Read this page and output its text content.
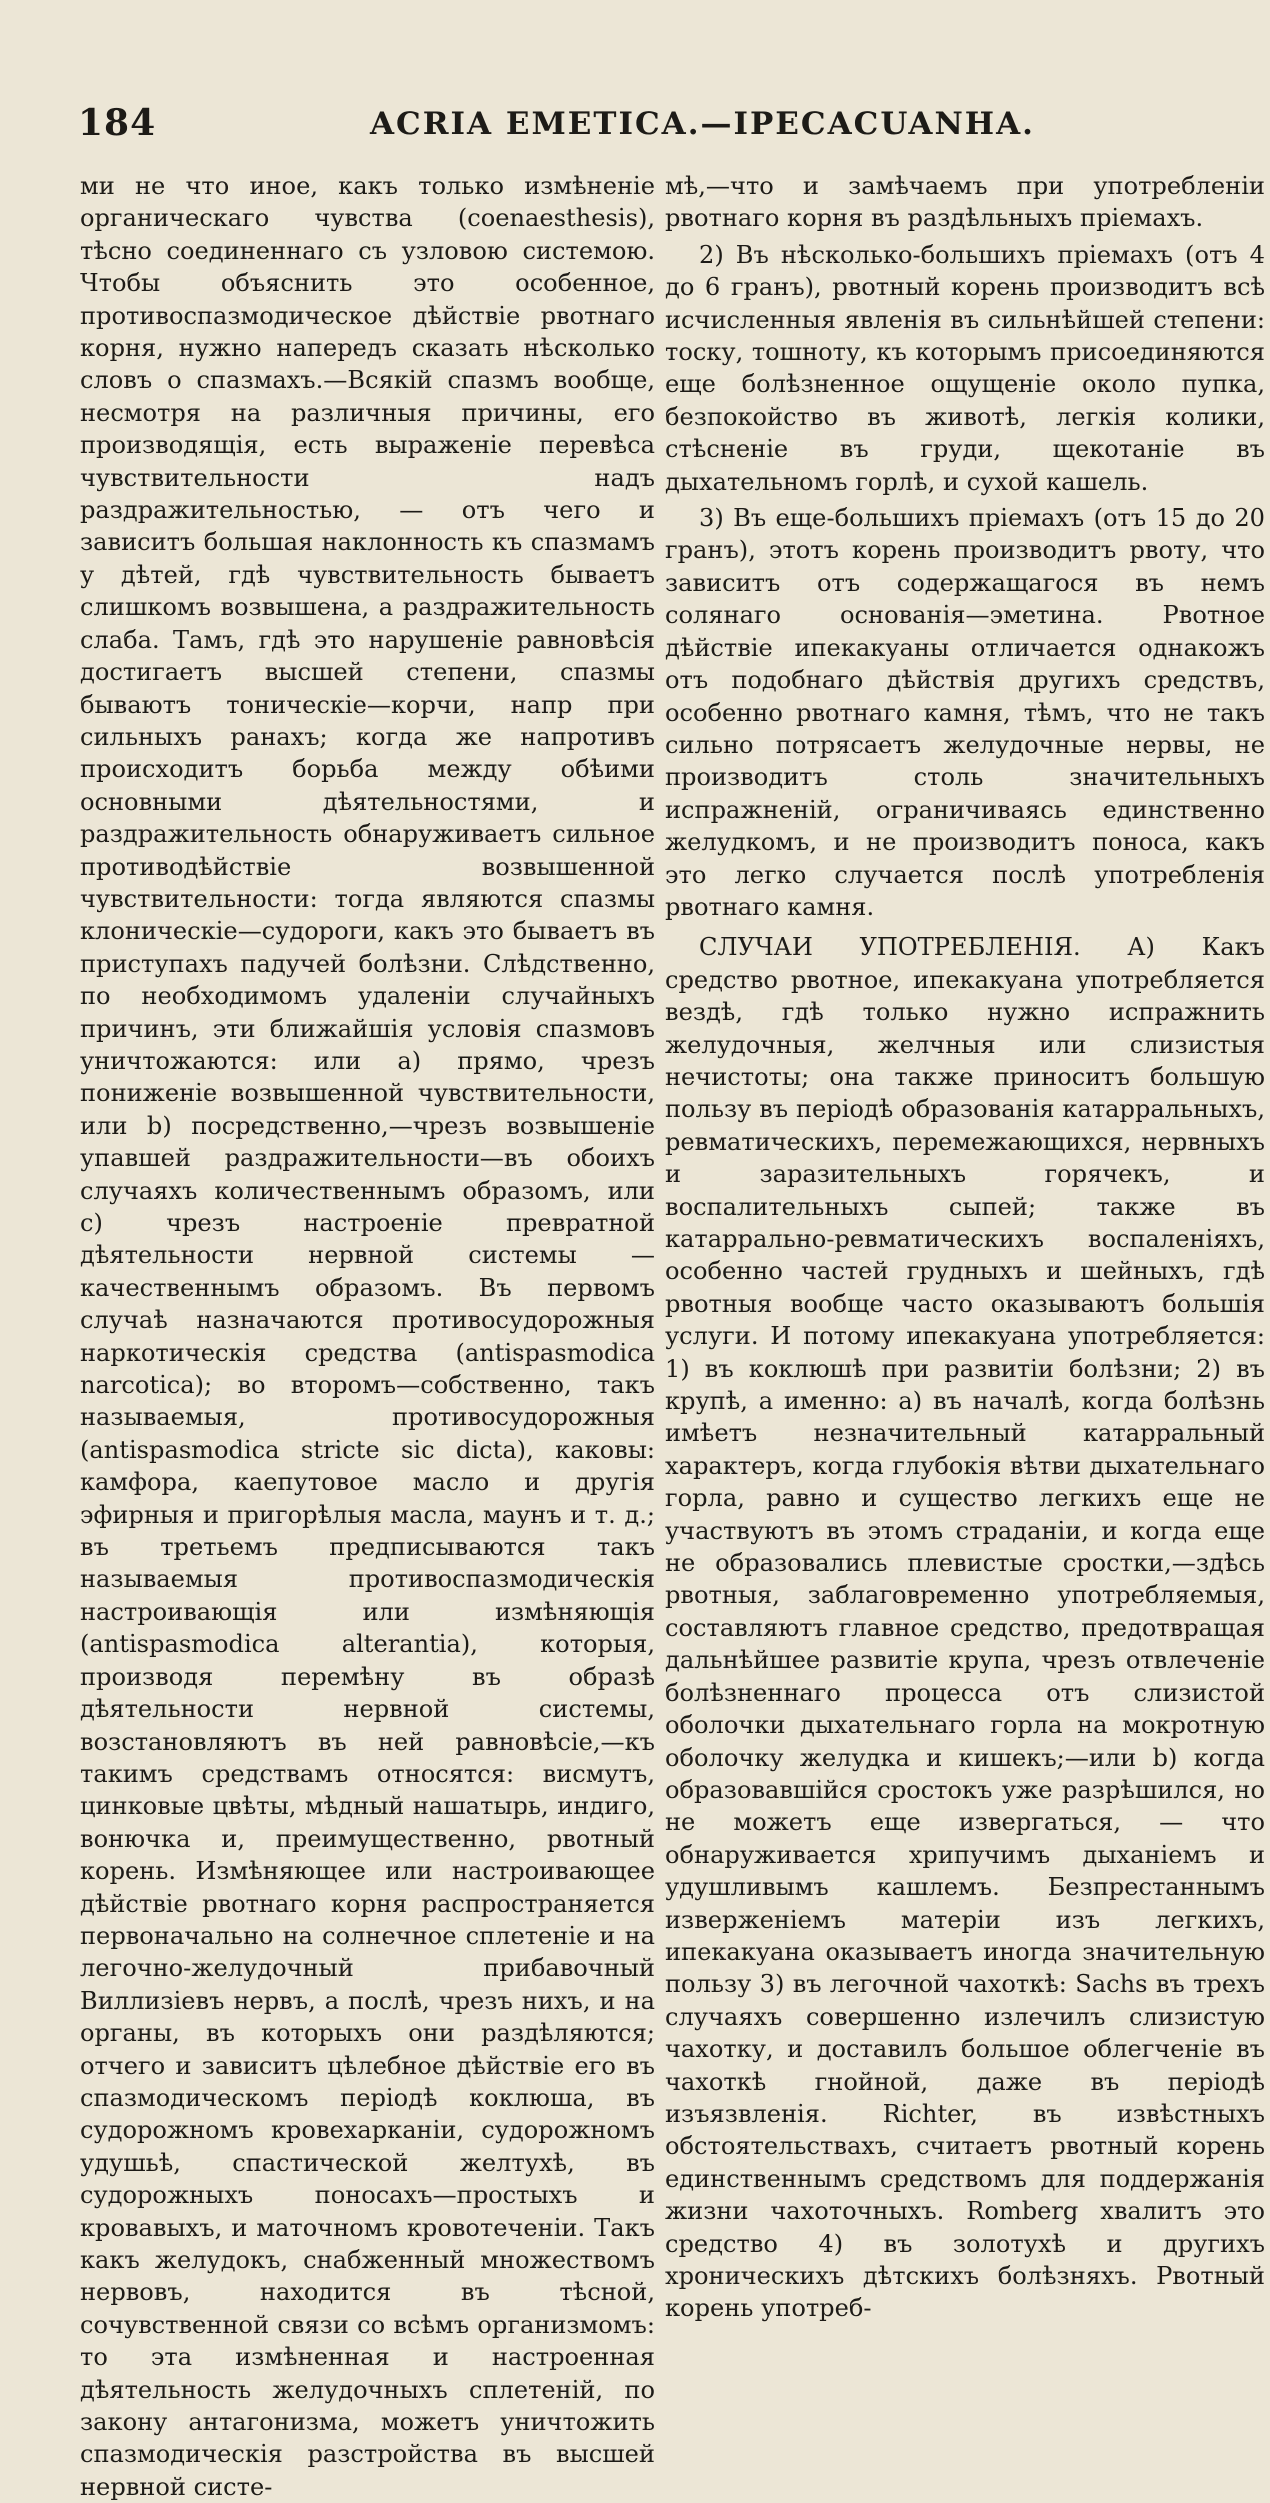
184	ACRIA EMETICA.—IPECACUANHA.

ми не что иное, какъ только измѣненіе органическаго чувства (coenaesthesis), тѣсно соединеннаго съ узловою системою. Чтобы объяснить это особенное, противоспазмодическое дѣйствіе рвотнаго корня, нужно напередъ сказать нѣсколько словъ о спазмахъ.—Всякій спазмъ вообще, несмотря на различныя причины, его производящія, есть выраженіе перевѣса чувствительности надъ раздражительностью, — отъ чего и зависитъ большая наклонность къ спазмамъ у дѣтей, гдѣ чувствительность бываетъ слишкомъ возвышена, а раздражительность слаба. Тамъ, гдѣ это нарушеніе равновѣсія достигаетъ высшей степени, спазмы бываютъ тоническіе—корчи, напр при сильныхъ ранахъ; когда же напротивъ происходитъ борьба между обѣими основными дѣятельностями, и раздражительность обнаруживаетъ сильное противодѣйствіе возвышенной чувствительности: тогда являются спазмы клоническіе—судороги, какъ это бываетъ въ приступахъ падучей болѣзни. Слѣдственно, по необходимомъ удаленіи случайныхъ причинъ, эти ближайшія условія спазмовъ уничтожаются: или а) прямо, чрезъ пониженіе возвышенной чувствительности, или b) посредственно,—чрезъ возвышеніе упавшей раздражительности—въ обоихъ случаяхъ количественнымъ образомъ, или с) чрезъ настроеніе превратной дѣятельности нервной системы — качественнымъ образомъ. Въ первомъ случаѣ назначаются противосудорожныя наркотическія средства (antispasmodica narcotica); во второмъ—собственно, такъ называемыя, противосудорожныя (antispasmodica stricte sic dicta), каковы: камфора, каепутовое масло и другія эфирныя и пригорѣлыя масла, маунъ и т. д.; въ третьемъ предписываются такъ называемыя противоспазмодическія настроивающія или измѣняющія (antispasmodica alterantia), которыя, производя перемѣну въ образѣ дѣятельности нервной системы, возстановляютъ въ ней равновѣсіе,—къ такимъ средствамъ относятся: висмутъ, цинковые цвѣты, мѣдный нашатырь, индиго, вонючка и, преимущественно, рвотный корень. Измѣняющее или настроивающее дѣйствіе рвотнаго корня распространяется первоначально на солнечное сплетеніе и на легочно-желудочный прибавочный Виллизіевъ нервъ, а послѣ, чрезъ нихъ, и на органы, въ которыхъ они раздѣляются; отчего и зависитъ цѣлебное дѣйствіе его въ спазмодическомъ періодѣ коклюша, въ судорожномъ кровехарканіи, судорожномъ удушьѣ, спастической желтухѣ, въ судорожныхъ поносахъ—простыхъ и кровавыхъ, и маточномъ кровотеченіи. Такъ какъ желудокъ, снабженный множествомъ нервовъ, находится въ тѣсной, сочувственной связи со всѣмъ организмомъ: то эта измѣненная и настроенная дѣятельность желудочныхъ сплетеній, по закону антагонизма, можетъ уничтожить спазмодическія разстройства въ высшей нервной систе-

мѣ,—что и замѣчаемъ при употребленіи рвотнаго корня въ раздѣльныхъ пріемахъ.

2) Въ нѣсколько-большихъ пріемахъ (отъ 4 до 6 гранъ), рвотный корень производитъ всѣ исчисленныя явленія въ сильнѣйшей степени: тоску, тошноту, къ которымъ присоединяются еще болѣзненное ощущеніе около пупка, безпокойство въ животѣ, легкія колики, стѣсненіе въ груди, щекотаніе въ дыхательномъ горлѣ, и сухой кашель.

3) Въ еще-большихъ пріемахъ (отъ 15 до 20 гранъ), этотъ корень производитъ рвоту, что зависитъ отъ содержащагося въ немъ солянаго основанія—эметина. Рвотное дѣйствіе ипекакуаны отличается однакожъ отъ подобнаго дѣйствія другихъ средствъ, особенно рвотнаго камня, тѣмъ, что не такъ сильно потрясаетъ желудочные нервы, не производитъ столь значительныхъ испражненій, ограничиваясь единственно желудкомъ, и не производитъ поноса, какъ это легко случается послѣ употребленія рвотнаго камня.

СЛУЧАИ УПОТРЕБЛЕНІЯ. А) Какъ средство рвотное, ипекакуана употребляется вездѣ, гдѣ только нужно испражнить желудочныя, желчныя или слизистыя нечистоты; она также приноситъ большую пользу въ періодѣ образованія катарральныхъ, ревматическихъ, перемежающихся, нервныхъ и заразительныхъ горячекъ, и воспалительныхъ сыпей; также въ катаррально-ревматическихъ воспаленіяхъ, особенно частей грудныхъ и шейныхъ, гдѣ рвотныя вообще часто оказываютъ большія услуги. И потому ипекакуана употребляется: 1) въ коклюшѣ при развитіи болѣзни; 2) въ крупѣ, а именно: а) въ началѣ, когда болѣзнь имѣетъ незначительный катарральный характеръ, когда глубокія вѣтви дыхательнаго горла, равно и существо легкихъ еще не участвуютъ въ этомъ страданіи, и когда еще не образовались плевистые сростки,—здѣсь рвотныя, заблаговременно употребляемыя, составляютъ главное средство, предотвращая дальнѣйшее развитіе крупа, чрезъ отвлеченіе болѣзненнаго процесса отъ слизистой оболочки дыхательнаго горла на мокротную оболочку желудка и кишекъ;—или b) когда образовавшійся сростокъ уже разрѣшился, но не можетъ еще извергаться, — что обнаруживается хрипучимъ дыханіемъ и удушливымъ кашлемъ. Безпрестаннымъ изверженіемъ матеріи изъ легкихъ, ипекакуана оказываетъ иногда значительную пользу 3) въ легочной чахоткѣ: Sachs въ трехъ случаяхъ совершенно излечилъ слизистую чахотку, и доставилъ большое облегченіе въ чахоткѣ гнойной, даже въ періодѣ изъязвленія. Richter, въ извѣстныхъ обстоятельствахъ, считаетъ рвотный корень единственнымъ средствомъ для поддержанія жизни чахоточныхъ. Romberg хвалитъ это средство 4) въ золотухѣ и другихъ хроническихъ дѣтскихъ болѣзняхъ. Рвотный корень употреб-
